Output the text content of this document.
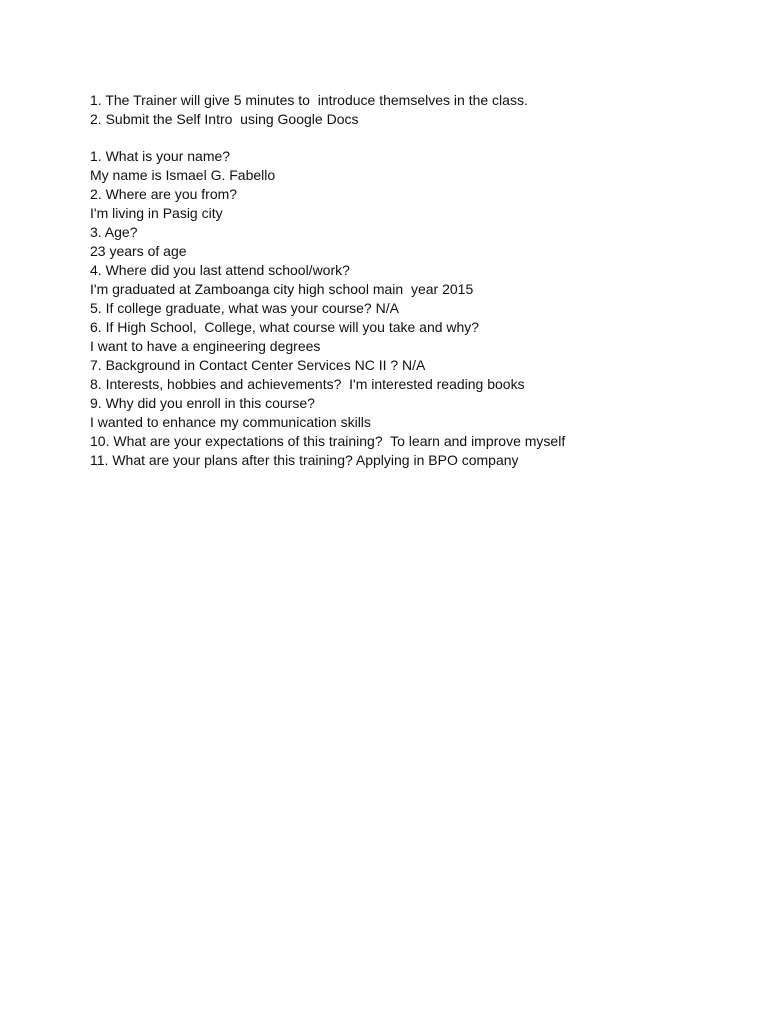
1. The Trainer will give 5 minutes to  introduce themselves in the class.

2. Submit the Self Intro  using Google Docs

1. What is your name?

My name is Ismael G. Fabello

2. Where are you from?

I'm living in Pasig city

3. Age?

23 years of age

4. Where did you last attend school/work?

I'm graduated at Zamboanga city high school main  year 2015

5. If college graduate, what was your course? N/A

6. If High School,  College, what course will you take and why?

I want to have a engineering degrees

7. Background in Contact Center Services NC II ? N/A

8. Interests, hobbies and achievements?  I'm interested reading books

9. Why did you enroll in this course?

I wanted to enhance my communication skills

10. What are your expectations of this training?  To learn and improve myself

11. What are your plans after this training? Applying in BPO company
